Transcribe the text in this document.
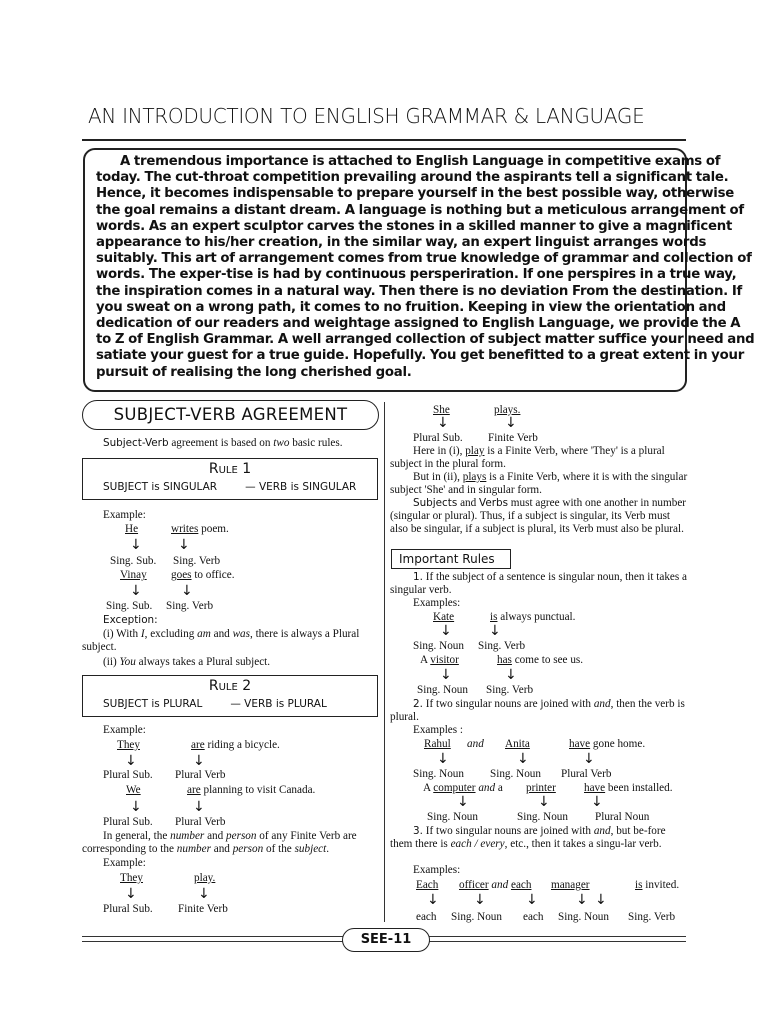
AN INTRODUCTION TO ENGLISH GRAMMAR & LANGUAGE
A tremendous importance is attached to English Language in competitive exams of today. The cut-throat competition prevailing around the aspirants tell a significant tale. Hence, it becomes indispensable to prepare yourself in the best possible way, otherwise the goal remains a distant dream. A language is nothing but a meticulous arrangement of words. As an expert sculptor carves the stones in a skilled manner to give a magnificent appearance to his/her creation, in the similar way, an expert linguist arranges words suitably. This art of arrangement comes from true knowledge of grammar and collection of words. The exper-tise is had by continuous persperiration. If one perspires in a true way, the inspiration comes in a natural way. Then there is no deviation From the destination. If you sweat on a wrong path, it comes to no fruition. Keeping in view the orientation and dedication of our readers and weightage assigned to English Language, we provide the A to Z of English Grammar. A well arranged collection of subject matter suffice your need and satiate your guest for a true guide. Hopefully. You get benefitted to a great extent in your pursuit of realising the long cherished goal.
SUBJECT-VERB AGREEMENT
Subject-Verb agreement is based on two basic rules.
Rule 1
SUBJECT is SINGULAR	— VERB is SINGULAR
Example:
He	writes poem.
↓	↓
Sing. Sub. Sing. Verb
Vinay goes to office.
↓	↓
Sing. Sub. Sing. Verb
Exception:
(i) With I, excluding am and was, there is always a Plural subject.
(ii) You always takes a Plural subject.
Rule 2
SUBJECT is PLURAL	— VERB is PLURAL
Example:
They	are riding a bicycle.
↓	↓
Plural Sub. Plural Verb
We	are planning to visit Canada.
↓	↓
Plural Sub. Plural Verb
In general, the number and person of any Finite Verb are corresponding to the number and person of the subject.
Example:
They	play.
↓	↓
Plural Sub. Finite Verb
She	plays.
↓	↓
Plural Sub. Finite Verb
Here in (i), play is a Finite Verb, where 'They' is a plural subject in the plural form.
But in (ii), plays is a Finite Verb, where it is with the singular subject 'She' and in singular form.
Subjects and Verbs must agree with one another in number (singular or plural). Thus, if a subject is singular, its Verb must also be singular, if a subject is plural, its Verb must also be plural.
Important Rules
1. If the subject of a sentence is singular noun, then it takes a singular verb.
Examples:
Kate	is always punctual.
↓	↓
Sing. Noun Sing. Verb
A visitor	has come to see us.
↓	↓
Sing. Noun Sing. Verb
2. If two singular nouns are joined with and, then the verb is plural.
Examples :
Rahul and Anita	have gone home.
↓	↓	↓
Sing. Noun Sing. Noun Plural Verb
A computer and a printer	have been installed.
↓	↓	↓
Sing. Noun	Sing. Noun Plural Noun
3. If two singular nouns are joined with and, but be-fore them there is each / every, etc., then it takes a singu-lar verb.
Examples:
Each officer and each manager	is invited.
↓	↓	↓	↓ ↓
each Sing. Noun each Sing. Noun Sing. Verb
SEE-11
